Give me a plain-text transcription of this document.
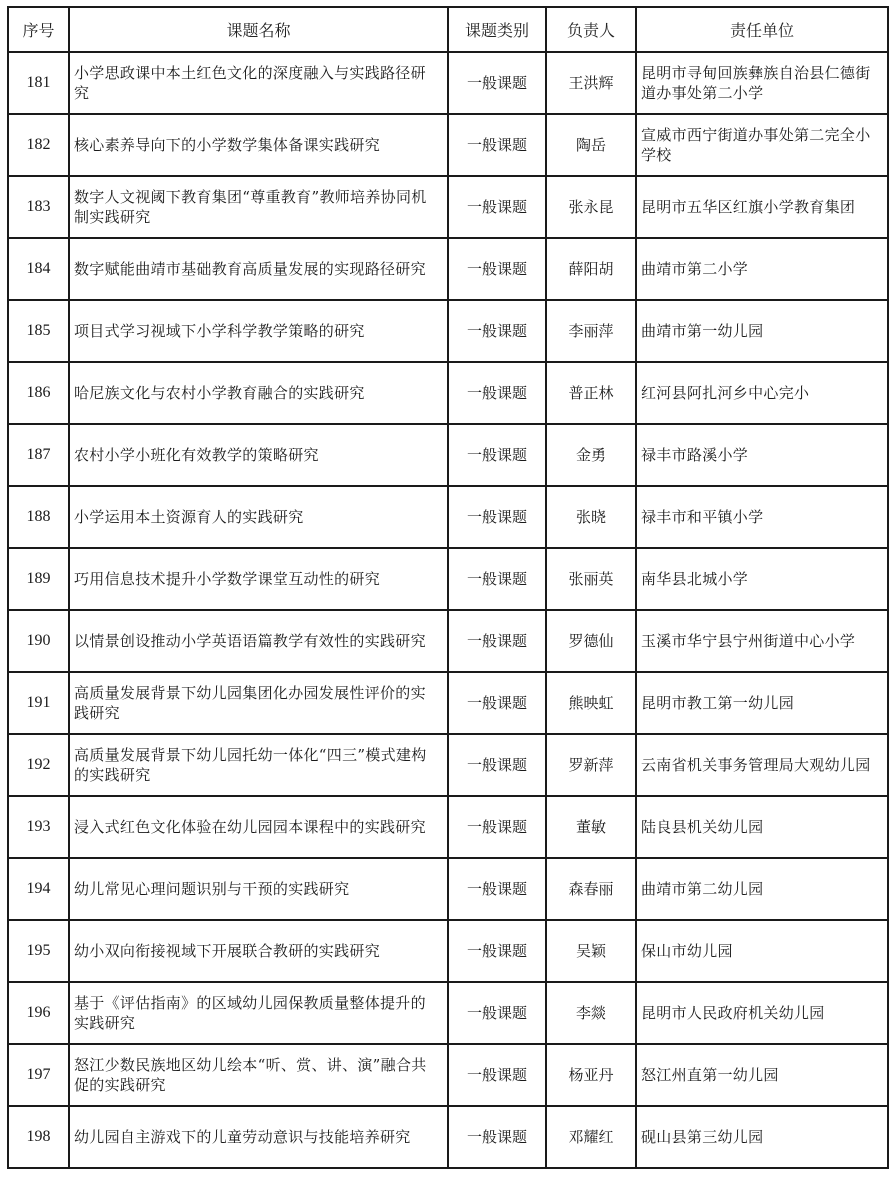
序号	课题名称	课题类别	负责人	责任单位
181	小学思政课中本土红色文化的深度融入与实践路径研究	一般课题	王洪辉	昆明市寻甸回族彝族自治县仁德街道办事处第二小学
182	核心素养导向下的小学数学集体备课实践研究	一般课题	陶岳	宣威市西宁街道办事处第二完全小学校
183	数字人文视阈下教育集团“尊重教育”教师培养协同机制实践研究	一般课题	张永昆	昆明市五华区红旗小学教育集团
184	数字赋能曲靖市基础教育高质量发展的实现路径研究	一般课题	薛阳胡	曲靖市第二小学
185	项目式学习视域下小学科学教学策略的研究	一般课题	李丽萍	曲靖市第一幼儿园
186	哈尼族文化与农村小学教育融合的实践研究	一般课题	普正林	红河县阿扎河乡中心完小
187	农村小学小班化有效教学的策略研究	一般课题	金勇	禄丰市路溪小学
188	小学运用本土资源育人的实践研究	一般课题	张晓	禄丰市和平镇小学
189	巧用信息技术提升小学数学课堂互动性的研究	一般课题	张丽英	南华县北城小学
190	以情景创设推动小学英语语篇教学有效性的实践研究	一般课题	罗德仙	玉溪市华宁县宁州街道中心小学
191	高质量发展背景下幼儿园集团化办园发展性评价的实践研究	一般课题	熊映虹	昆明市教工第一幼儿园
192	高质量发展背景下幼儿园托幼一体化“四三”模式建构的实践研究	一般课题	罗新萍	云南省机关事务管理局大观幼儿园
193	浸入式红色文化体验在幼儿园园本课程中的实践研究	一般课题	董敏	陆良县机关幼儿园
194	幼儿常见心理问题识别与干预的实践研究	一般课题	森春丽	曲靖市第二幼儿园
195	幼小双向衔接视域下开展联合教研的实践研究	一般课题	吴颖	保山市幼儿园
196	基于《评估指南》的区域幼儿园保教质量整体提升的实践研究	一般课题	李燚	昆明市人民政府机关幼儿园
197	怒江少数民族地区幼儿绘本“听、赏、讲、演”融合共促的实践研究	一般课题	杨亚丹	怒江州直第一幼儿园
198	幼儿园自主游戏下的儿童劳动意识与技能培养研究	一般课题	邓耀红	砚山县第三幼儿园
